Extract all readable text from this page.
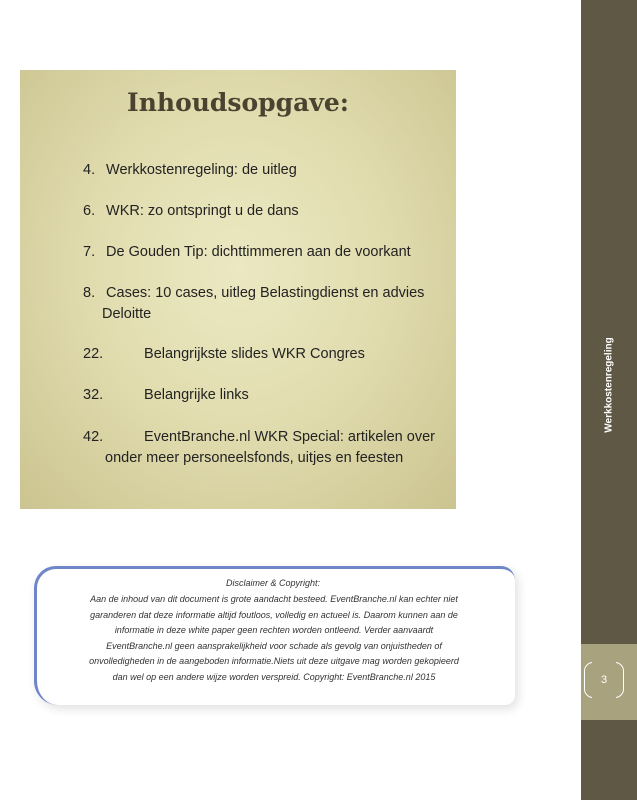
Werkkostenregeling
3
Inhoudsopgave:
4. Werkkostenregeling: de uitleg
6. WKR: zo ontspringt u de dans
7. De Gouden Tip: dichttimmeren aan de voorkant
8. Cases: 10 cases, uitleg Belastingdienst en advies
Deloitte
22.	Belangrijkste slides WKR Congres
32.	Belangrijke links
42.	EventBranche.nl WKR Special: artikelen over
onder meer personeelsfonds, uitjes en feesten
Disclaimer & Copyright:
Aan de inhoud van dit document is grote aandacht besteed. EventBranche.nl kan echter niet
garanderen dat deze informatie altijd foutloos, volledig en actueel is. Daarom kunnen aan de
informatie in deze white paper geen rechten worden ontleend. Verder aanvaardt
EventBranche.nl geen aansprakelijkheid voor schade als gevolg van onjuistheden of
onvolledigheden in de aangeboden informatie.Niets uit deze uitgave mag worden gekopieerd
dan wel op een andere wijze worden verspreid. Copyright: EventBranche.nl 2015
